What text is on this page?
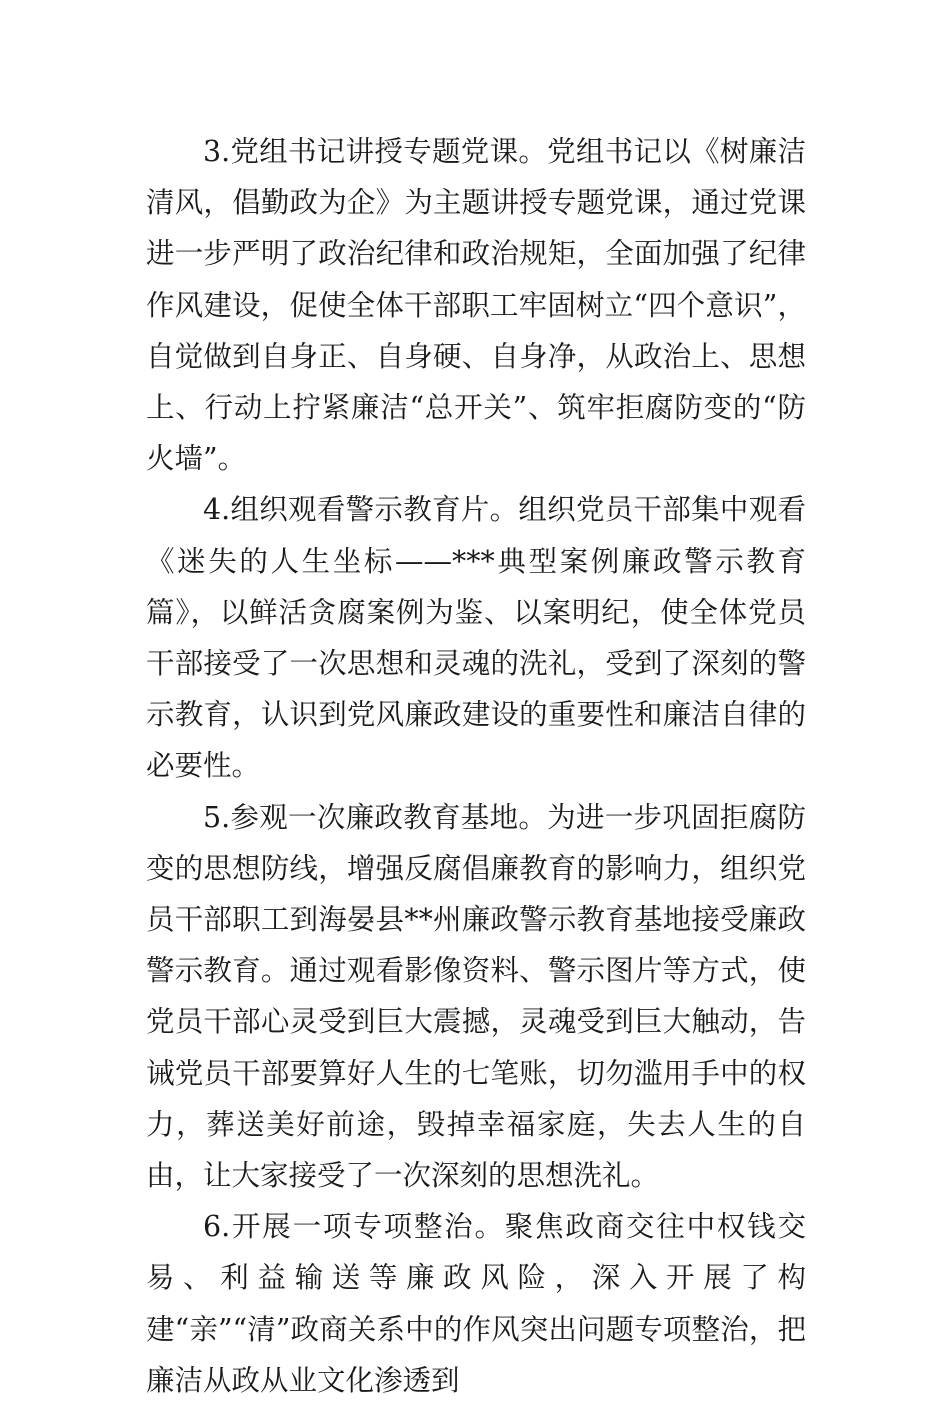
3.党组书记讲授专题党课。党组书记以《树廉洁清风，倡勤政为企》为主题讲授专题党课，通过党课进一步严明了政治纪律和政治规矩，全面加强了纪律作风建设，促使全体干部职工牢固树立“四个意识”，自觉做到自身正、自身硬、自身净，从政治上、思想上、行动上拧紧廉洁“总开关”、筑牢拒腐防变的“防火墙”。

4.组织观看警示教育片。组织党员干部集中观看《迷失的人生坐标——***典型案例廉政警示教育篇》，以鲜活贪腐案例为鉴、以案明纪，使全体党员干部接受了一次思想和灵魂的洗礼，受到了深刻的警示教育，认识到党风廉政建设的重要性和廉洁自律的必要性。

5.参观一次廉政教育基地。为进一步巩固拒腐防变的思想防线，增强反腐倡廉教育的影响力，组织党员干部职工到海晏县**州廉政警示教育基地接受廉政警示教育。通过观看影像资料、警示图片等方式，使党员干部心灵受到巨大震撼，灵魂受到巨大触动，告诫党员干部要算好人生的七笔账，切勿滥用手中的权力，葬送美好前途，毁掉幸福家庭，失去人生的自由，让大家接受了一次深刻的思想洗礼。

6.开展一项专项整治。聚焦政商交往中权钱交易、利益输送等廉政风险，深入开展了构建“亲”“清”政商关系中的作风突出问题专项整治，把廉洁从政从业文化渗透到
